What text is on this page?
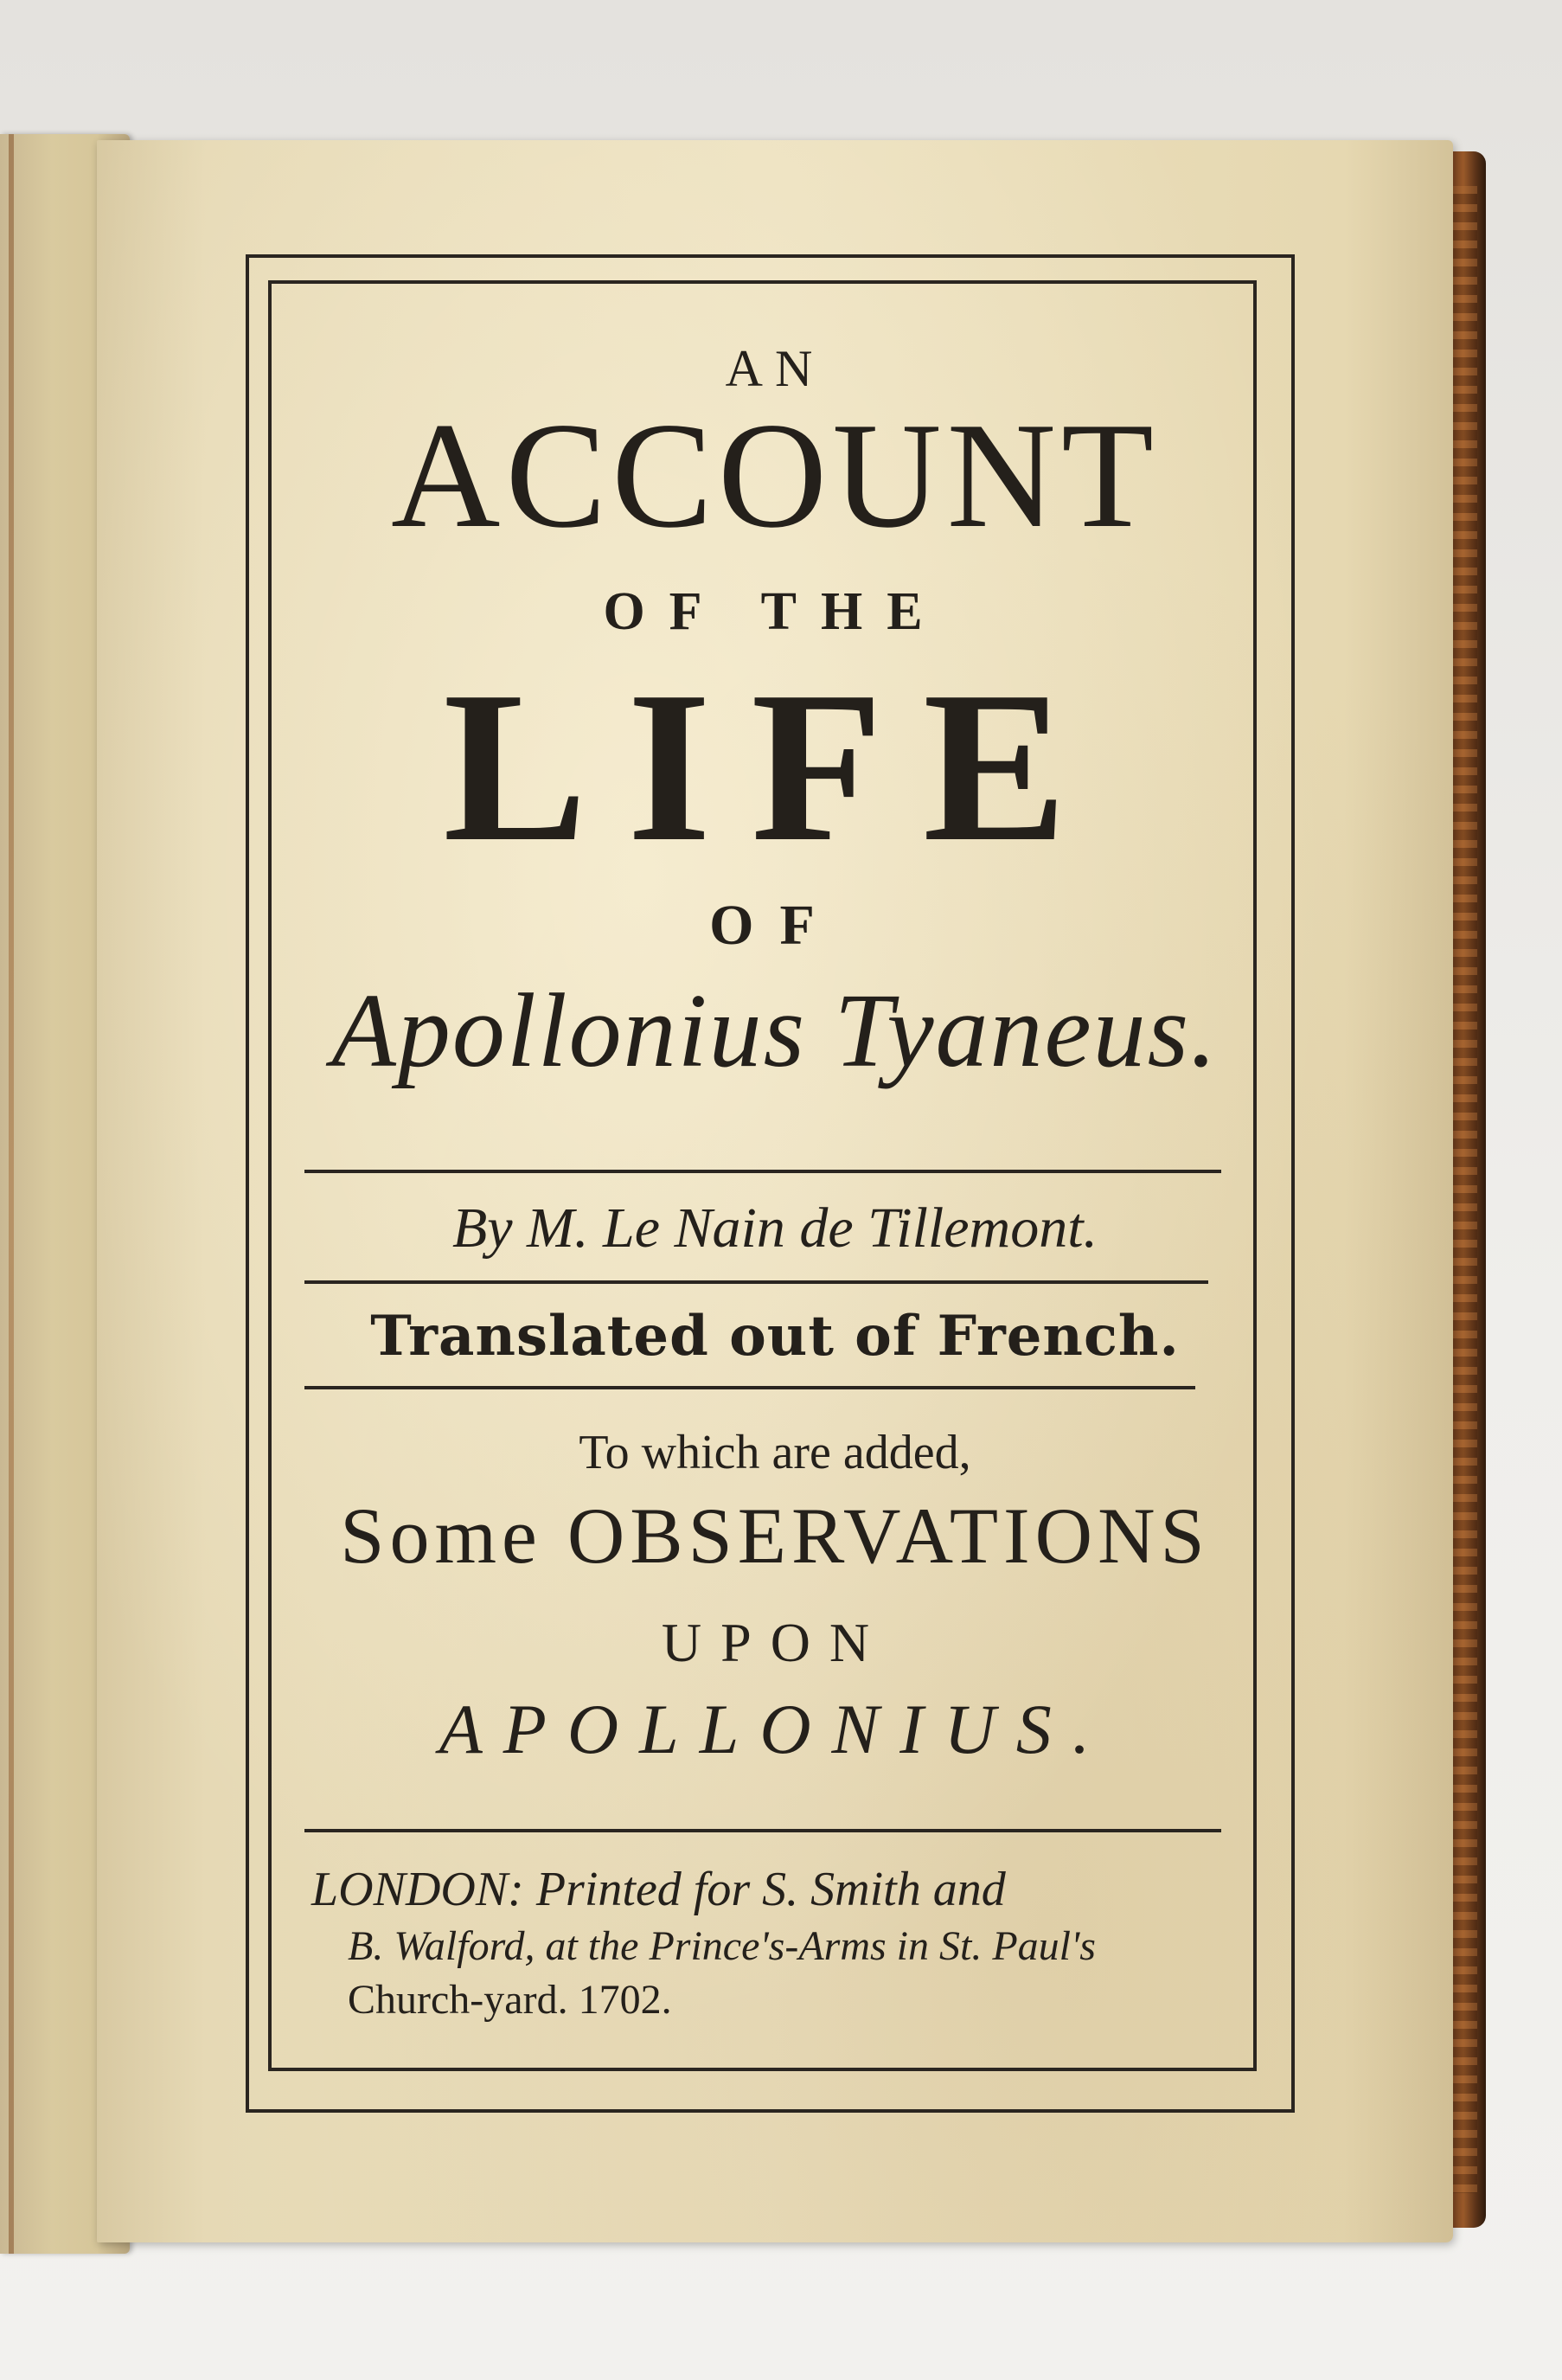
AN
ACCOUNT
OF THE
LIFE
OF
Apollonius Tyaneus.
By M. Le Nain de Tillemont.
Translated out of French.
To which are added,
Some OBSERVATIONS
UPON
APOLLONIUS.
LONDON: Printed for S. Smith and
B. Walford, at the Prince's-Arms in St. Paul's
Church-yard. 1702.
